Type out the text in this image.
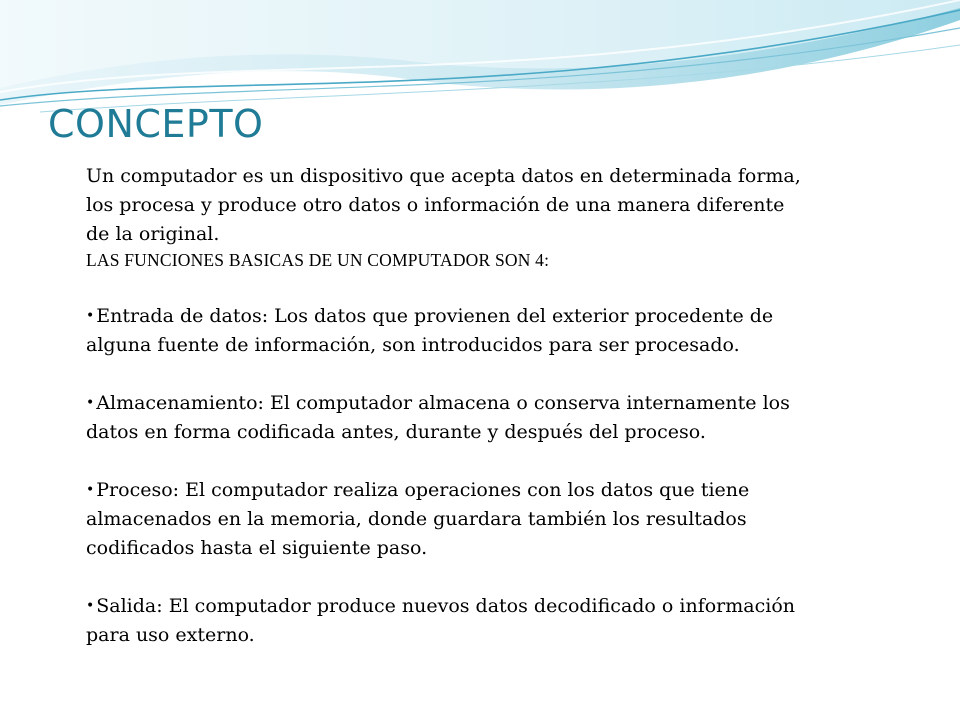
CONCEPTO

Un computador es un dispositivo que acepta datos en determinada forma, los procesa y produce otro datos o información de una manera diferente de la original.

LAS FUNCIONES BASICAS DE UN COMPUTADOR SON 4:

• Entrada de datos: Los datos que provienen del exterior procedente de alguna fuente de información, son introducidos para ser procesado.
• Almacenamiento: El computador almacena o conserva internamente los datos en forma codificada antes, durante y después del proceso.
• Proceso: El computador realiza operaciones con los datos que tiene almacenados en la memoria, donde guardara también los resultados codificados hasta el siguiente paso.
• Salida: El computador produce nuevos datos decodificado o información para uso externo.
